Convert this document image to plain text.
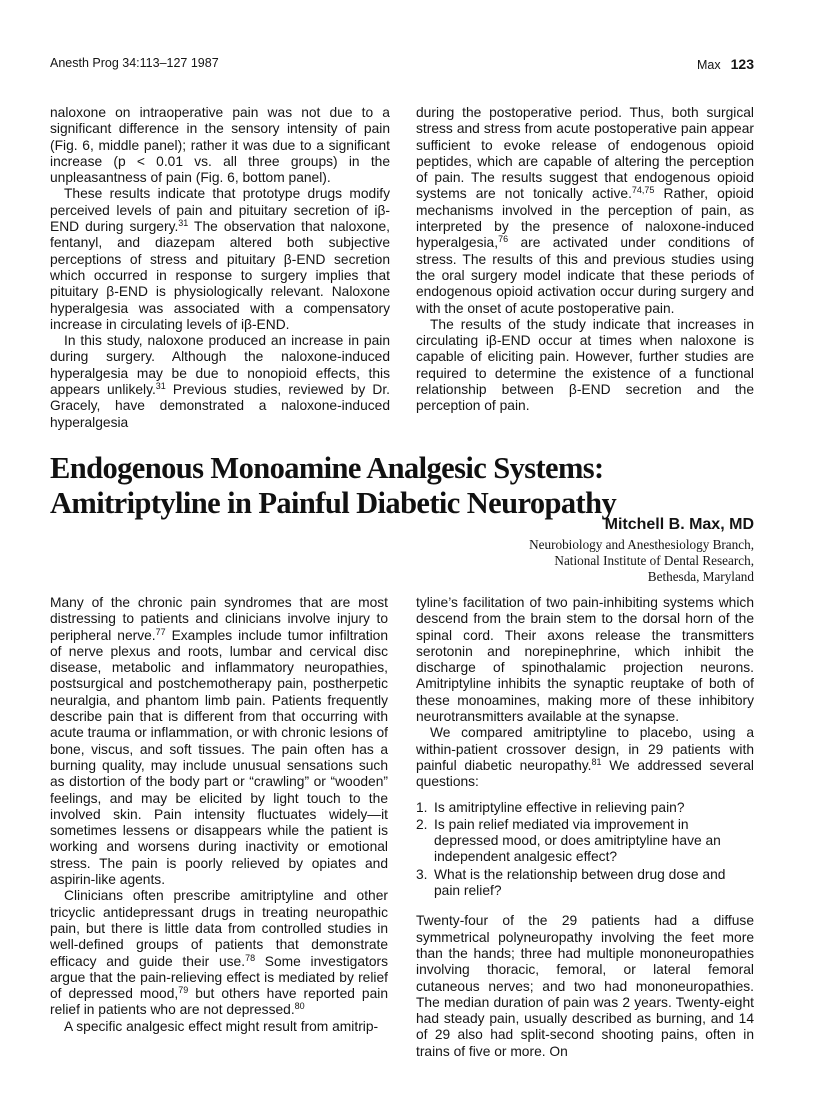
Anesth Prog 34:113–127 1987	Max 123

naloxone on intraoperative pain was not due to a significant difference in the sensory intensity of pain (Fig. 6, middle panel); rather it was due to a significant increase (p < 0.01 vs. all three groups) in the unpleasantness of pain (Fig. 6, bottom panel).

These results indicate that prototype drugs modify perceived levels of pain and pituitary secretion of iβ-END during surgery.$^{31}$ The observation that naloxone, fentanyl, and diazepam altered both subjective perceptions of stress and pituitary β-END secretion which occurred in response to surgery implies that pituitary β-END is physiologically relevant. Naloxone hyperalgesia was associated with a compensatory increase in circulating levels of iβ-END.

In this study, naloxone produced an increase in pain during surgery. Although the naloxone-induced hyperalgesia may be due to nonopioid effects, this appears unlikely.$^{31}$ Previous studies, reviewed by Dr. Gracely, have demonstrated a naloxone-induced hyperalgesia

during the postoperative period. Thus, both surgical stress and stress from acute postoperative pain appear sufficient to evoke release of endogenous opioid peptides, which are capable of altering the perception of pain. The results suggest that endogenous opioid systems are not tonically active.$^{74,75}$ Rather, opioid mechanisms involved in the perception of pain, as interpreted by the presence of naloxone-induced hyperalgesia,$^{76}$ are activated under conditions of stress. The results of this and previous studies using the oral surgery model indicate that these periods of endogenous opioid activation occur during surgery and with the onset of acute postoperative pain.

The results of the study indicate that increases in circulating iβ-END occur at times when naloxone is capable of eliciting pain. However, further studies are required to determine the existence of a functional relationship between β-END secretion and the perception of pain.

Endogenous Monoamine Analgesic Systems:
Amitriptyline in Painful Diabetic Neuropathy
Mitchell B. Max, MD
Neurobiology and Anesthesiology Branch,
National Institute of Dental Research,
Bethesda, Maryland

Many of the chronic pain syndromes that are most distressing to patients and clinicians involve injury to peripheral nerve.$^{77}$ Examples include tumor infiltration of nerve plexus and roots, lumbar and cervical disc disease, metabolic and inflammatory neuropathies, postsurgical and postchemotherapy pain, postherpetic neuralgia, and phantom limb pain. Patients frequently describe pain that is different from that occurring with acute trauma or inflammation, or with chronic lesions of bone, viscus, and soft tissues. The pain often has a burning quality, may include unusual sensations such as distortion of the body part or “crawling” or “wooden” feelings, and may be elicited by light touch to the involved skin. Pain intensity fluctuates widely—it sometimes lessens or disappears while the patient is working and worsens during inactivity or emotional stress. The pain is poorly relieved by opiates and aspirin-like agents.

Clinicians often prescribe amitriptyline and other tricyclic antidepressant drugs in treating neuropathic pain, but there is little data from controlled studies in well-defined groups of patients that demonstrate efficacy and guide their use.$^{78}$ Some investigators argue that the pain-relieving effect is mediated by relief of depressed mood,$^{79}$ but others have reported pain relief in patients who are not depressed.$^{80}$

A specific analgesic effect might result from amitrip-

tyline’s facilitation of two pain-inhibiting systems which descend from the brain stem to the dorsal horn of the spinal cord. Their axons release the transmitters serotonin and norepinephrine, which inhibit the discharge of spinothalamic projection neurons. Amitriptyline inhibits the synaptic reuptake of both of these monoamines, making more of these inhibitory neurotransmitters available at the synapse.

We compared amitriptyline to placebo, using a within-patient crossover design, in 29 patients with painful diabetic neuropathy.$^{81}$ We addressed several questions:

1. Is amitriptyline effective in relieving pain?
2. Is pain relief mediated via improvement in depressed mood, or does amitriptyline have an independent analgesic effect?
3. What is the relationship between drug dose and pain relief?

Twenty-four of the 29 patients had a diffuse symmetrical polyneuropathy involving the feet more than the hands; three had multiple mononeuropathies involving thoracic, femoral, or lateral femoral cutaneous nerves; and two had mononeuropathies. The median duration of pain was 2 years. Twenty-eight had steady pain, usually described as burning, and 14 of 29 also had split-second shooting pains, often in trains of five or more. On
